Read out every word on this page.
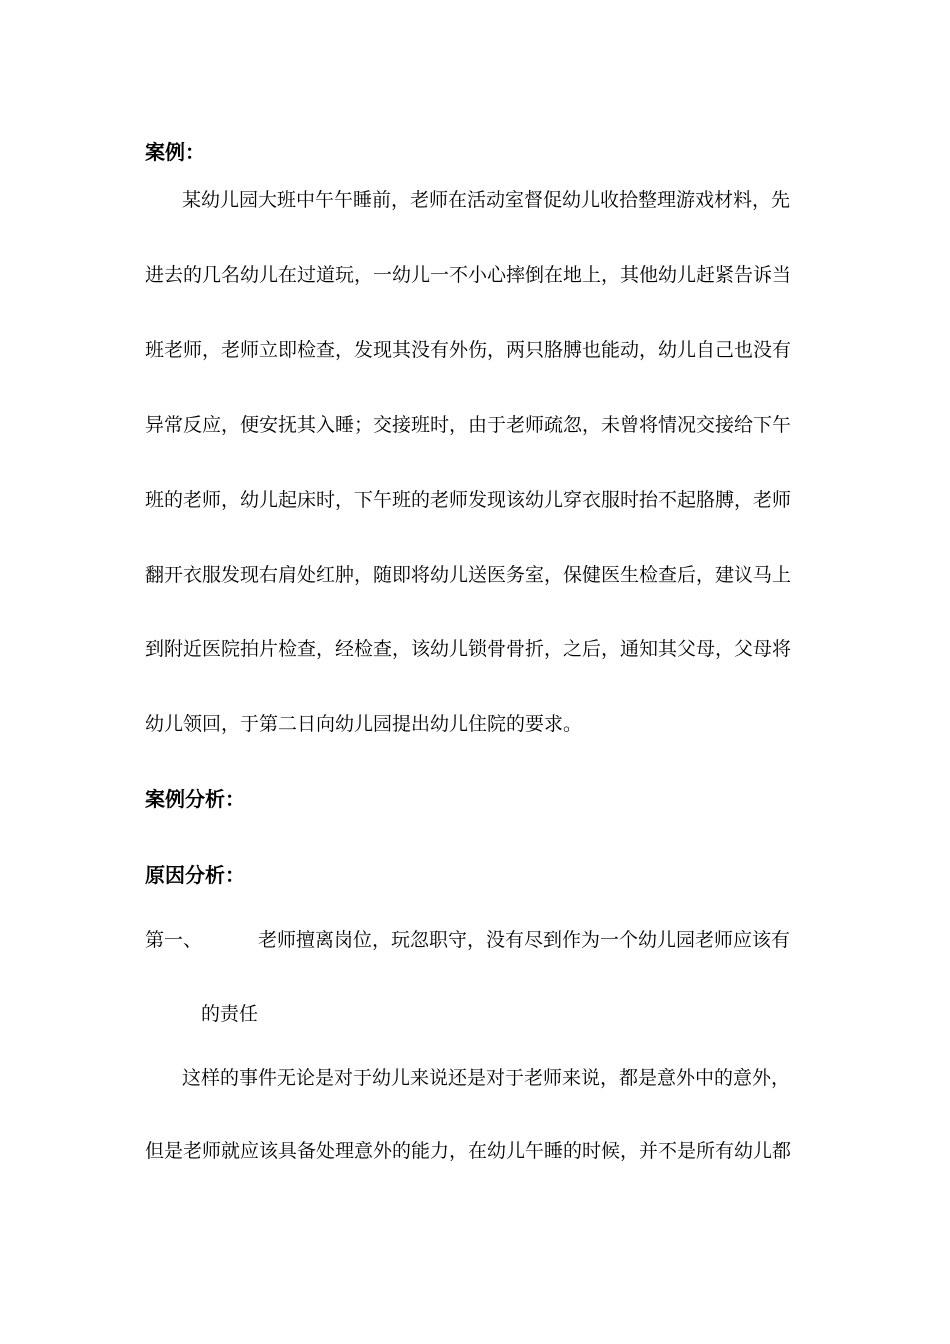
案例：
某幼儿园大班中午午睡前，老师在活动室督促幼儿收拾整理游戏材料，先
进去的几名幼儿在过道玩，一幼儿一不小心摔倒在地上，其他幼儿赶紧告诉当
班老师，老师立即检查，发现其没有外伤，两只胳膊也能动，幼儿自己也没有
异常反应，便安抚其入睡；交接班时，由于老师疏忽，未曾将情况交接给下午
班的老师，幼儿起床时，下午班的老师发现该幼儿穿衣服时抬不起胳膊，老师
翻开衣服发现右肩处红肿，随即将幼儿送医务室，保健医生检查后，建议马上
到附近医院拍片检查，经检查，该幼儿锁骨骨折，之后，通知其父母，父母将
幼儿领回，于第二日向幼儿园提出幼儿住院的要求。
案例分析：
原因分析：
第一、	老师擅离岗位，玩忽职守，没有尽到作为一个幼儿园老师应该有
的责任
这样的事件无论是对于幼儿来说还是对于老师来说，都是意外中的意外，
但是老师就应该具备处理意外的能力，在幼儿午睡的时候，并不是所有幼儿都
